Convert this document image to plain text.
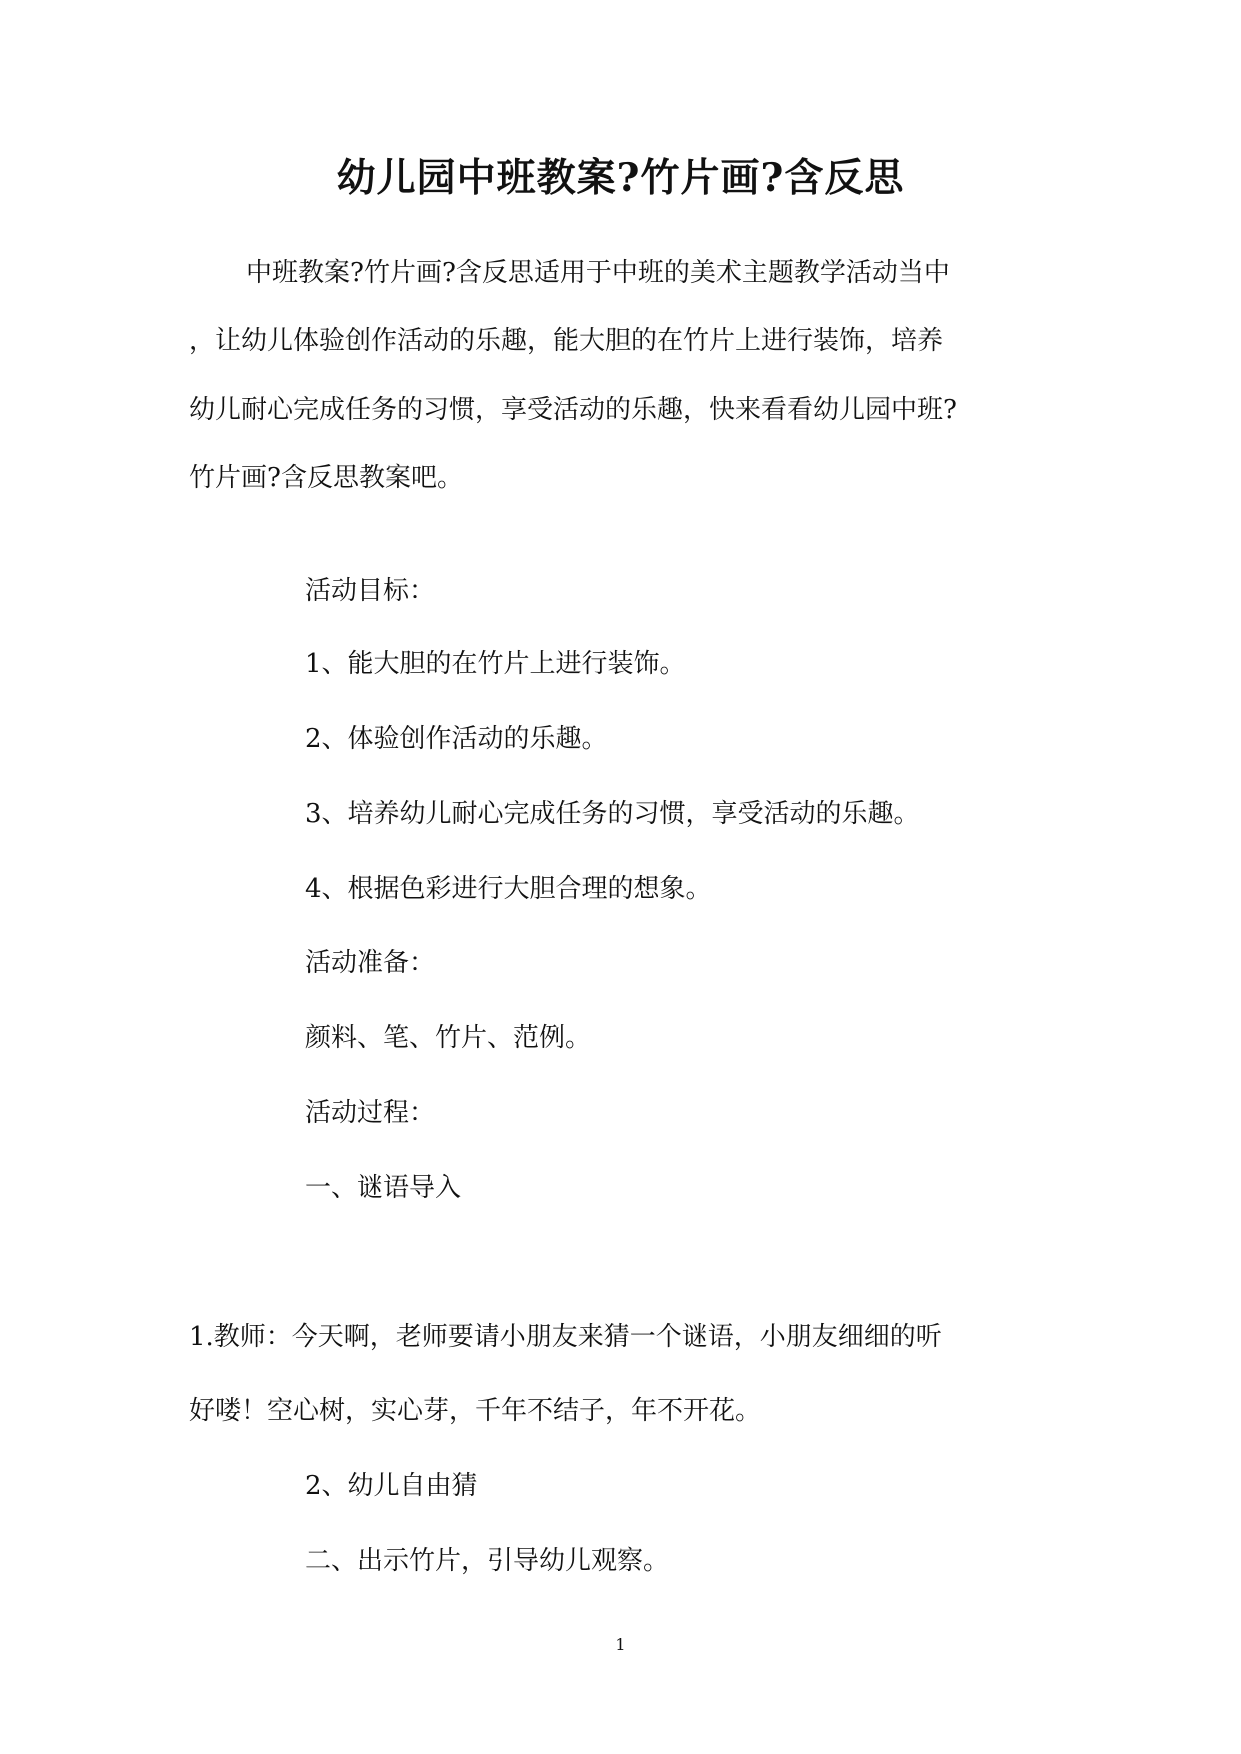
幼儿园中班教案?竹片画?含反思
中班教案?竹片画?含反思适用于中班的美术主题教学活动当中
，让幼儿体验创作活动的乐趣，能大胆的在竹片上进行装饰，培养
幼儿耐心完成任务的习惯，享受活动的乐趣，快来看看幼儿园中班?
竹片画?含反思教案吧。
活动目标：
1、能大胆的在竹片上进行装饰。
2、体验创作活动的乐趣。
3、培养幼儿耐心完成任务的习惯，享受活动的乐趣。
4、根据色彩进行大胆合理的想象。
活动准备：
颜料、笔、竹片、范例。
活动过程：
一、谜语导入
1.教师：今天啊，老师要请小朋友来猜一个谜语，小朋友细细的听
好喽！空心树，实心芽，千年不结子，年不开花。
2、幼儿自由猜
二、出示竹片，引导幼儿观察。
1
